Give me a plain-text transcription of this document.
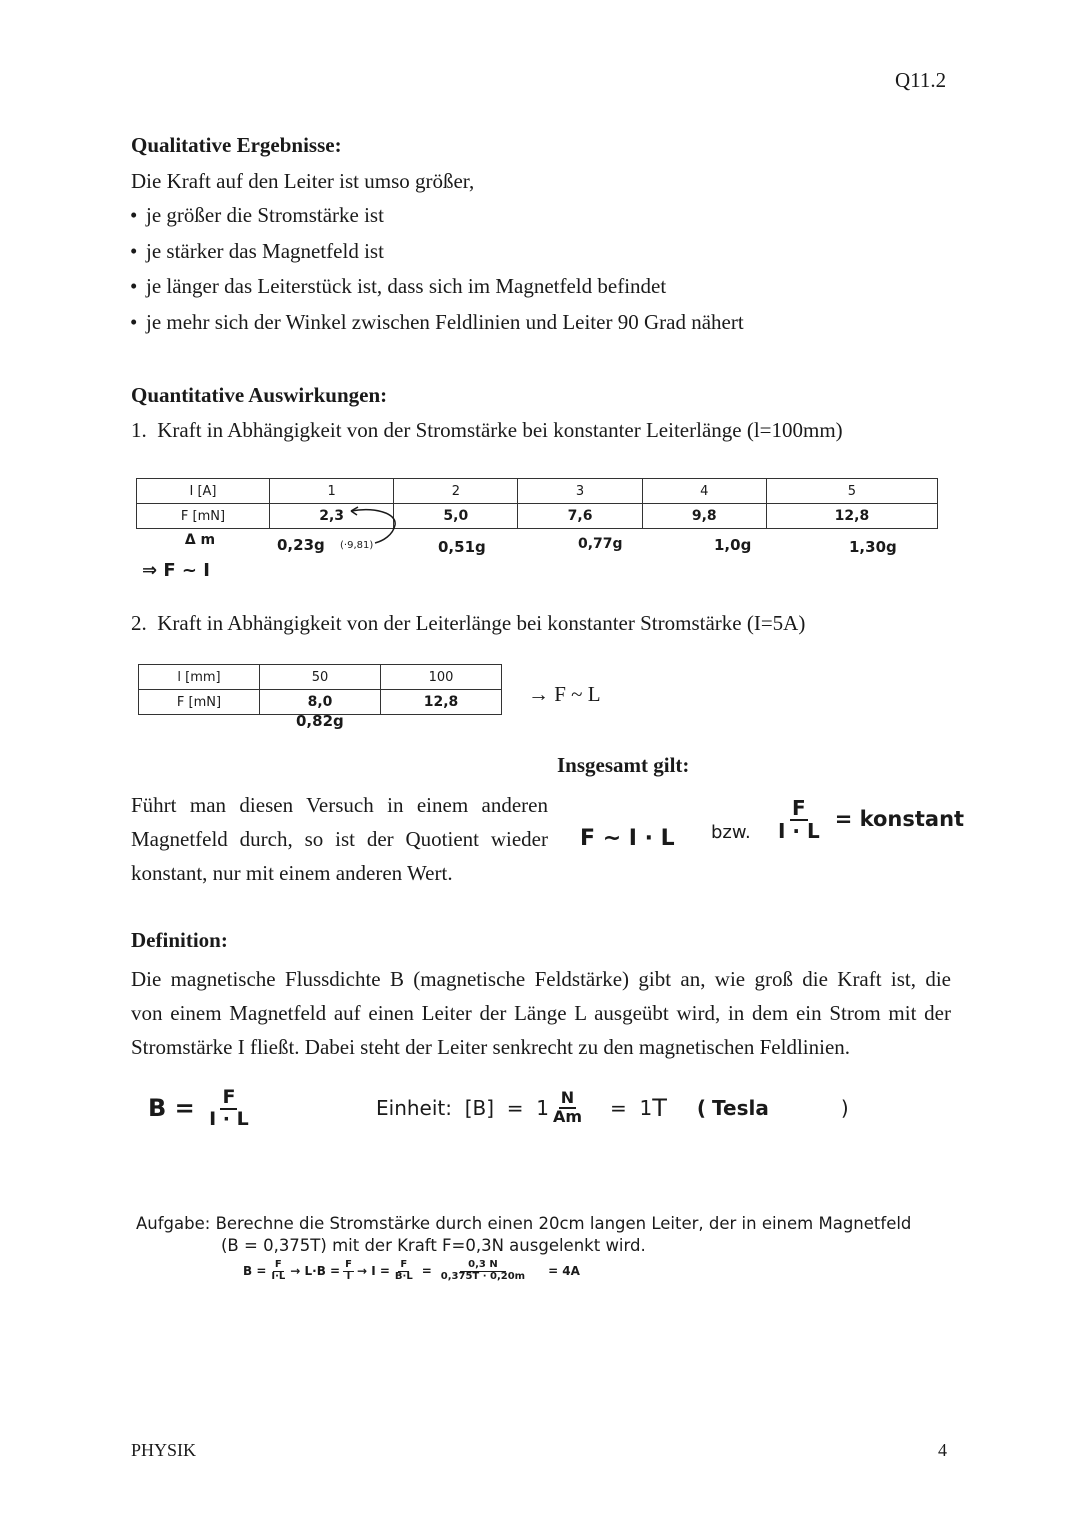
Q11.2
Qualitative Ergebnisse:
Die Kraft auf den Leiter ist umso größer,
• je größer die Stromstärke ist
• je stärker das Magnetfeld ist
• je länger das Leiterstück ist, dass sich im Magnetfeld befindet
• je mehr sich der Winkel zwischen Feldlinien und Leiter 90 Grad nähert
Quantitative Auswirkungen:
1.  Kraft in Abhängigkeit von der Stromstärke bei konstanter Leiterlänge (l=100mm)
I [A]	1	2	3	4	5
F [mN]	2,3	5,0	7,6	9,8	12,8
Δ m	0,23g (·9,81)	0,51g	0,77g	1,0g	1,30g
⇒ F ~ I
2.  Kraft in Abhängigkeit von der Leiterlänge bei konstanter Stromstärke (I=5A)
l [mm]	50	100
F [mN]	8,0	12,8
0,82g
→ F ~ L
Insgesamt gilt:
Führt man diesen Versuch in einem anderen
Magnetfeld durch, so ist der Quotient wieder
konstant, nur mit einem anderen Wert.
F ~ I · L bzw. $\frac{F}{I \cdot L}$ = konstant
Definition:
Die magnetische Flussdichte B (magnetische Feldstärke) gibt an, wie groß die Kraft ist, die
von einem Magnetfeld auf einen Leiter der Länge L ausgeübt wird, in dem ein Strom mit der
Stromstärke I fließt. Dabei steht der Leiter senkrecht zu den magnetischen Feldlinien.
$B = \frac{F}{I \cdot L}$	Einheit:  $[B] = 1 \frac{N}{Am} = 1$ T ( Tesla	)
Aufgabe: Berechne die Stromstärke durch einen 20cm langen Leiter, der in einem Magnetfeld
(B = 0,375T) mit der Kraft F=0,3N ausgelenkt wird.
$B = \frac{F}{I\cdot L} \to L\cdot B = \frac{F}{I} \to I = \frac{F}{B\cdot L} = \frac{0,3 N}{0,375T \cdot 0,20m} = 4A$
PHYSIK	4
